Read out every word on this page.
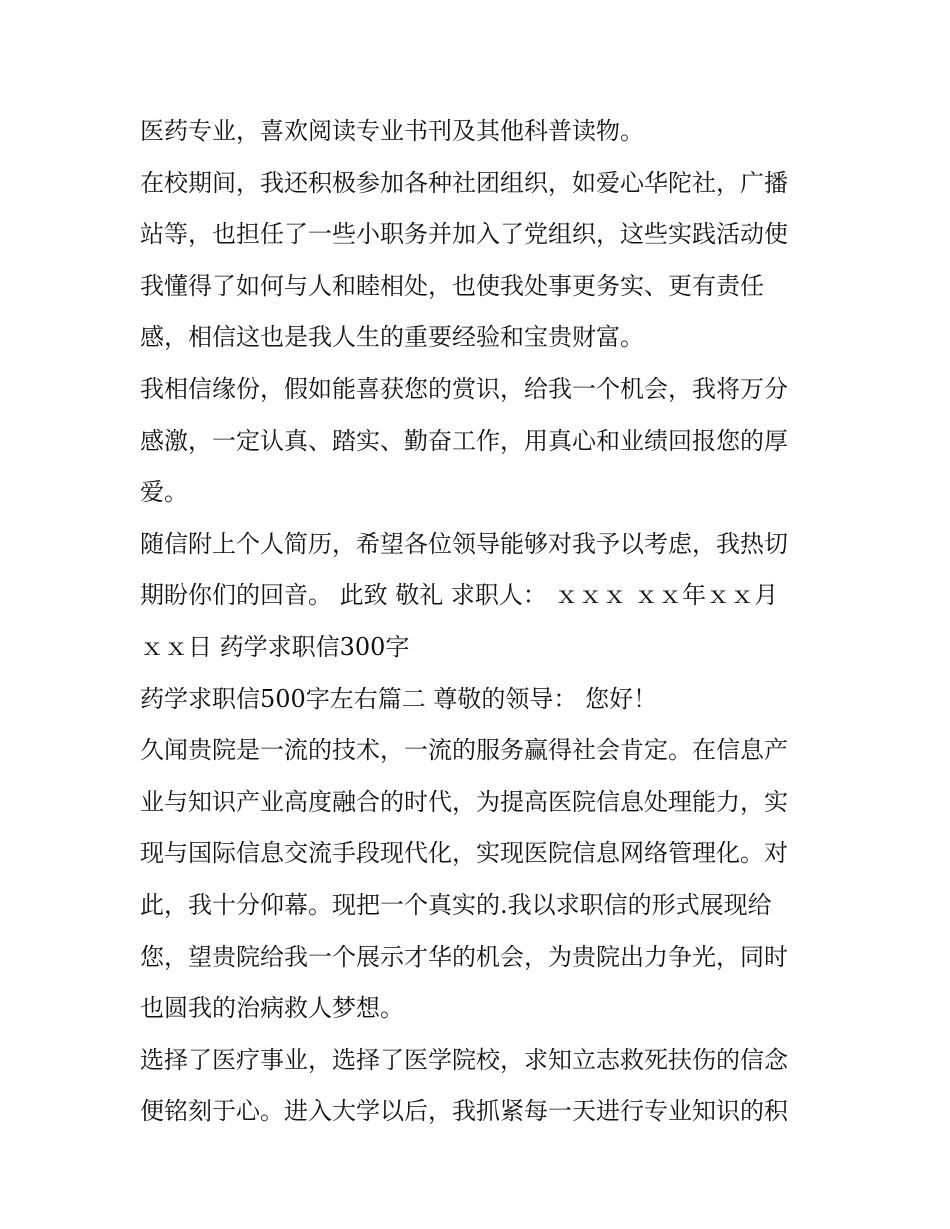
医药专业，喜欢阅读专业书刊及其他科普读物。
在校期间，我还积极参加各种社团组织，如爱心华陀社，广播
站等，也担任了一些小职务并加入了党组织，这些实践活动使
我懂得了如何与人和睦相处，也使我处事更务实、更有责任
感，相信这也是我人生的重要经验和宝贵财富。
我相信缘份，假如能喜获您的赏识，给我一个机会，我将万分
感激，一定认真、踏实、勤奋工作，用真心和业绩回报您的厚
爱。
随信附上个人简历，希望各位领导能够对我予以考虑，我热切
期盼你们的回音。 此致 敬礼 求职人： ｘｘｘ ｘｘ年ｘｘ月
ｘｘ日 药学求职信300字
药学求职信500字左右篇二 尊敬的领导： 您好！
久闻贵院是一流的技术，一流的服务赢得社会肯定。在信息产
业与知识产业高度融合的时代，为提高医院信息处理能力，实
现与国际信息交流手段现代化，实现医院信息网络管理化。对
此，我十分仰幕。现把一个真实的.我以求职信的形式展现给
您，望贵院给我一个展示才华的机会，为贵院出力争光，同时
也圆我的治病救人梦想。
选择了医疗事业，选择了医学院校，求知立志救死扶伤的信念
便铭刻于心。进入大学以后，我抓紧每一天进行专业知识的积
